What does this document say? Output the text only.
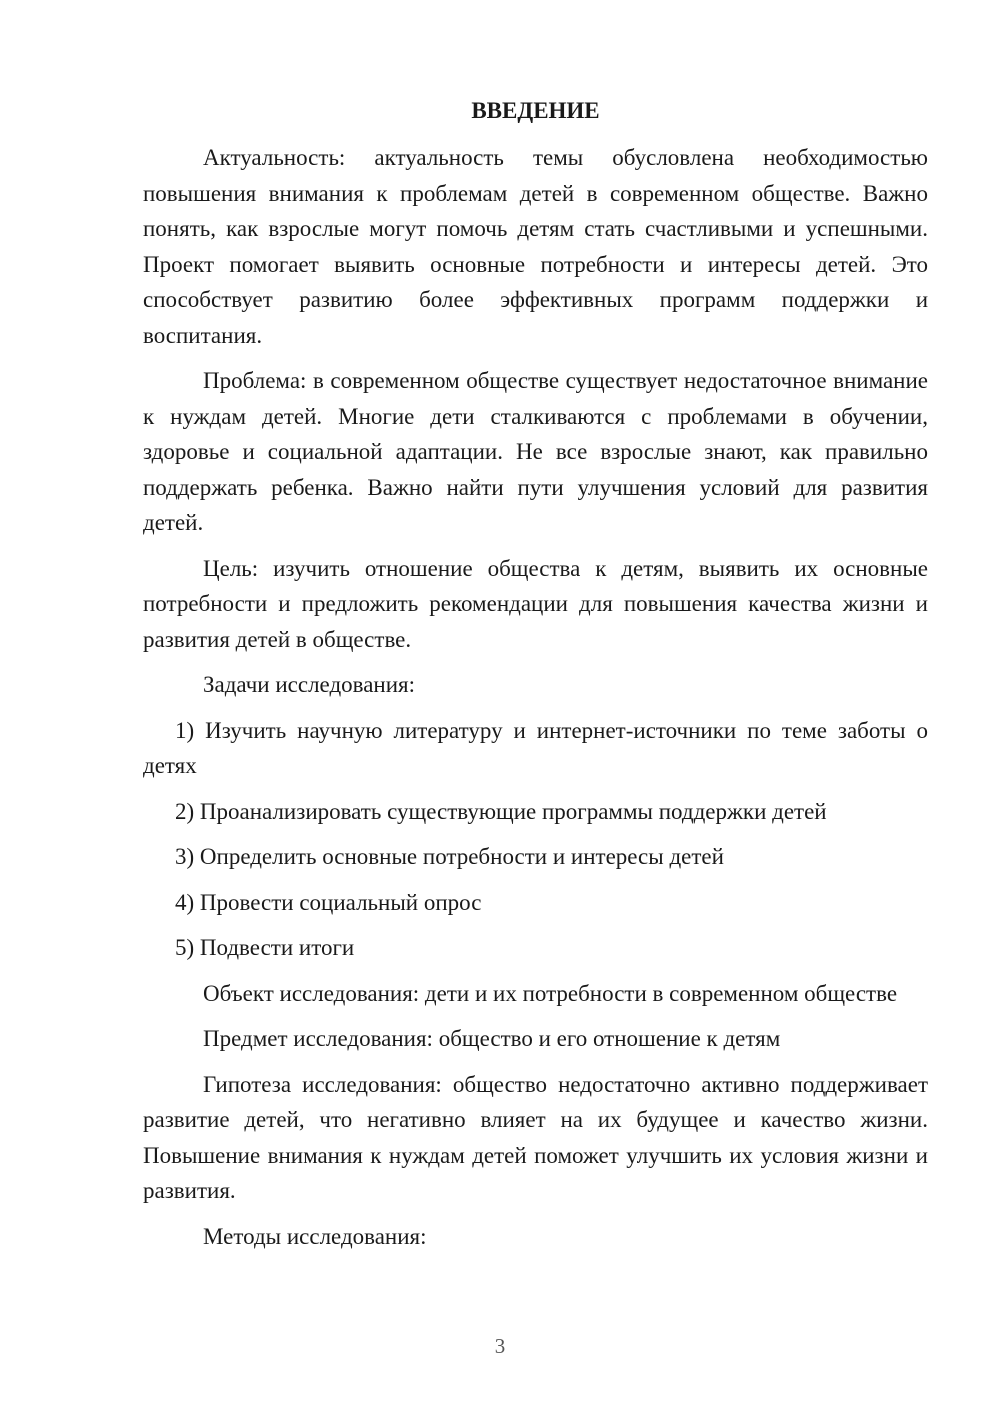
ВВЕДЕНИЕ

Актуальность: актуальность темы обусловлена необходимостью повышения внимания к проблемам детей в современном обществе. Важно понять, как взрослые могут помочь детям стать счастливыми и успешными. Проект помогает выявить основные потребности и интересы детей. Это способствует развитию более эффективных программ поддержки и воспитания.

Проблема: в современном обществе существует недостаточное внимание к нуждам детей. Многие дети сталкиваются с проблемами в обучении, здоровье и социальной адаптации. Не все взрослые знают, как правильно поддержать ребенка. Важно найти пути улучшения условий для развития детей.

Цель: изучить отношение общества к детям, выявить их основные потребности и предложить рекомендации для повышения качества жизни и развития детей в обществе.

Задачи исследования:

1) Изучить научную литературу и интернет-источники по теме заботы о детях

2) Проанализировать существующие программы поддержки детей

3) Определить основные потребности и интересы детей

4) Провести социальный опрос

5) Подвести итоги

Объект исследования: дети и их потребности в современном обществе

Предмет исследования: общество и его отношение к детям

Гипотеза исследования: общество недостаточно активно поддерживает развитие детей, что негативно влияет на их будущее и качество жизни. Повышение внимания к нуждам детей поможет улучшить их условия жизни и развития.

Методы исследования:

3
